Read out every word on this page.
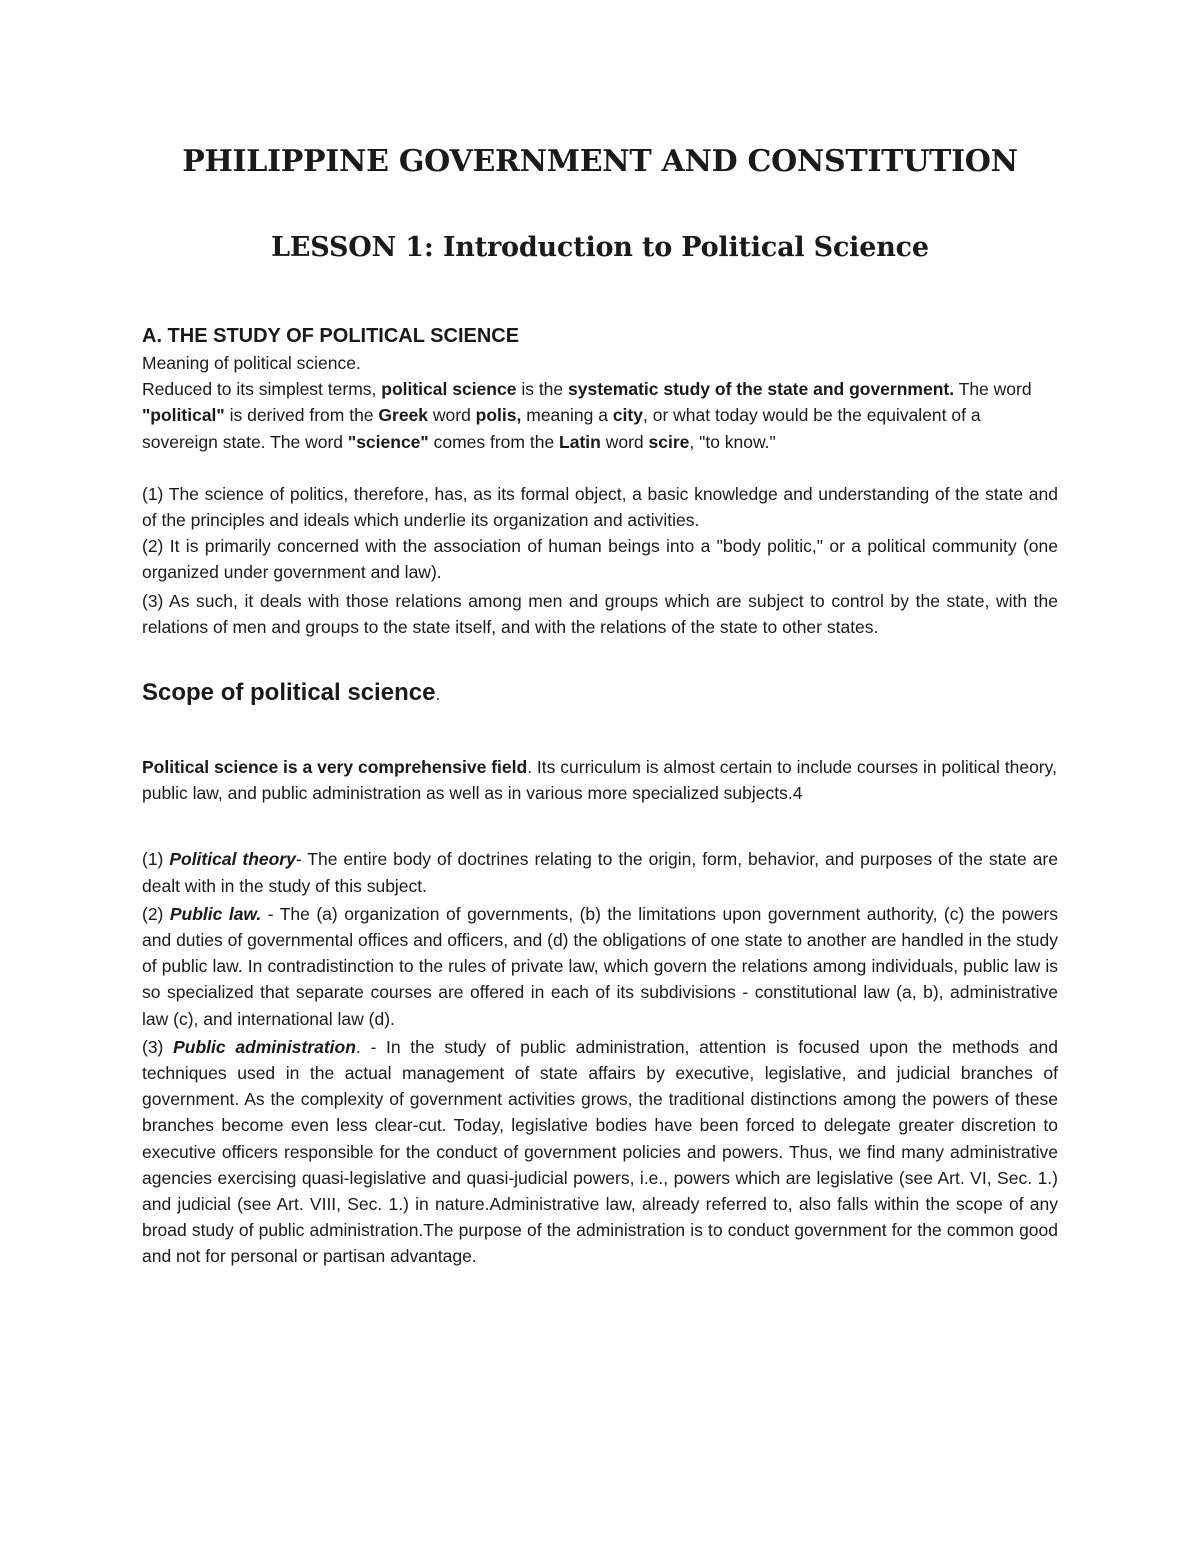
PHILIPPINE GOVERNMENT AND CONSTITUTION
LESSON 1: Introduction to Political Science
A. THE STUDY OF POLITICAL SCIENCE

Meaning of political science.

Reduced to its simplest terms, political science is the systematic study of the state and government. The word "political" is derived from the Greek word polis, meaning a city, or what today would be the equivalent of a sovereign state. The word "science" comes from the Latin word scire, "to know."

(1) The science of politics, therefore, has, as its formal object, a basic knowledge and understanding of the state and of the principles and ideals which underlie its organization and activities.

(2) It is primarily concerned with the association of human beings into a "body politic," or a political community (one organized under government and law).

(3) As such, it deals with those relations among men and groups which are subject to control by the state, with the relations of men and groups to the state itself, and with the relations of the state to other states.

Scope of political science.

Political science is a very comprehensive field. Its curriculum is almost certain to include courses in political theory, public law, and public administration as well as in various more specialized subjects.4

(1) Political theory- The entire body of doctrines relating to the origin, form, behavior, and purposes of the state are dealt with in the study of this subject.

(2) Public law. - The (a) organization of governments, (b) the limitations upon government authority, (c) the powers and duties of governmental offices and officers, and (d) the obligations of one state to another are handled in the study of public law. In contradistinction to the rules of private law, which govern the relations among individuals, public law is so specialized that separate courses are offered in each of its subdivisions - constitutional law (a, b), administrative law (c), and international law (d).

(3) Public administration. - In the study of public administration, attention is focused upon the methods and techniques used in the actual management of state affairs by executive, legislative, and judicial branches of government. As the complexity of government activities grows, the traditional distinctions among the powers of these branches become even less clear-cut. Today, legislative bodies have been forced to delegate greater discretion to executive officers responsible for the conduct of government policies and powers. Thus, we find many administrative agencies exercising quasi-legislative and quasi-judicial powers, i.e., powers which are legislative (see Art. VI, Sec. 1.) and judicial (see Art. VIII, Sec. 1.) in nature.Administrative law, already referred to, also falls within the scope of any broad study of public administration.The purpose of the administration is to conduct government for the common good and not for personal or partisan advantage.
